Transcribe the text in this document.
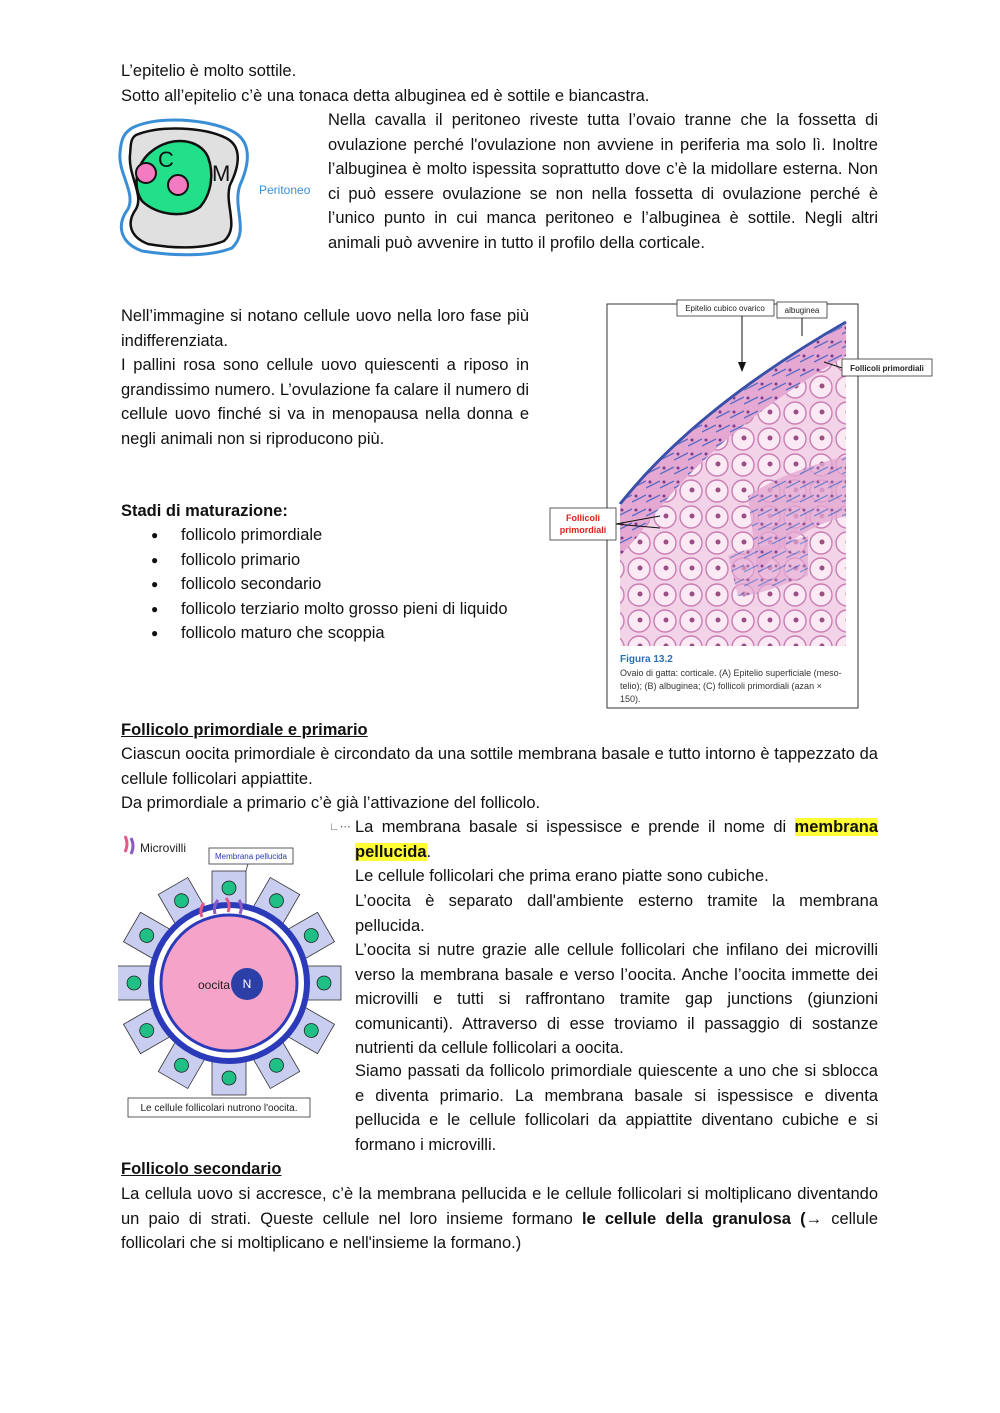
L’epitelio è molto sottile.

Sotto all’epitelio c’è una tonaca detta albuginea ed è sottile e biancastra.

C
M
Peritoneo

Nella cavalla il peritoneo riveste tutta l’ovaio tranne che la fossetta di ovulazione perché l'ovulazione non avviene in periferia ma solo lì. Inoltre l’albuginea è molto ispessita soprattutto dove c’è la midollare esterna. Non ci può essere ovulazione se non nella fossetta di ovulazione perché è l’unico punto in cui manca peritoneo e l’albuginea è sottile. Negli altri animali può avvenire in tutto il profilo della corticale.

Nell’immagine si notano cellule uovo nella loro fase più indifferenziata.

I pallini rosa sono cellule uovo quiescenti a riposo in grandissimo numero. L’ovulazione fa calare il numero di cellule uovo finché si va in menopausa nella donna e negli animali non si riproducono più.

Stadi di maturazione:
● follicolo primordiale
● follicolo primario
● follicolo secondario
● follicolo terziario molto grosso pieni di liquido
● follicolo maturo che scoppia
Epitelio cubico ovarico albuginea
Follicoli primordiali
Follicoli
primordiali
Figura 13.2
Ovaio di gatta: corticale. (A) Epitelio superficiale (meso-
telio); (B) albuginea; (C) follicoli primordiali (azan ×
150).
Follicolo primordiale e primario

Ciascun oocita primordiale è circondato da una sottile membrana basale e tutto intorno è tappezzato da cellule follicolari appiattite.

Da primordiale a primario c’è già l’attivazione del follicolo.

Microvilli
Membrana pellucida
N
oocita
Le cellule follicolari nutrono l'oocita.
∟⋯ La membrana basale si ispessisce e prende il nome di membrana pellucida.

Le cellule follicolari che prima erano piatte sono cubiche.

L’oocita è separato dall'ambiente esterno tramite la membrana pellucida.

L’oocita si nutre grazie alle cellule follicolari che infilano dei microvilli verso la membrana basale e verso l’oocita. Anche l’oocita immette dei microvilli e tutti si raffrontano tramite gap junctions (giunzioni comunicanti). Attraverso di esse troviamo il passaggio di sostanze nutrienti da cellule follicolari a oocita.

Siamo passati da follicolo primordiale quiescente a uno che si sblocca e diventa primario. La membrana basale si ispessisce e diventa pellucida e le cellule follicolari da appiattite diventano cubiche e si formano i microvilli.

Follicolo secondario

La cellula uovo si accresce, c’è la membrana pellucida e le cellule follicolari si moltiplicano diventando un paio di strati. Queste cellule nel loro insieme formano le cellule della granulosa (→ cellule follicolari che si moltiplicano e nell'insieme la formano.)
